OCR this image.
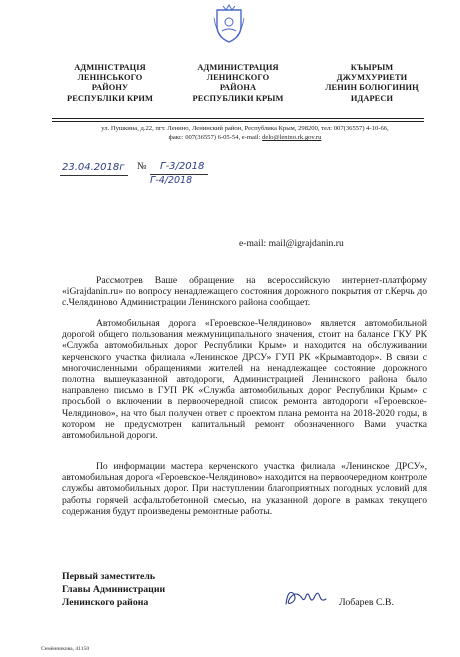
АДМІНІСТРАЦІЯ
ЛЕНІНСЬКОГО
РАЙОНУ
РЕСПУБЛІКИ КРИМ
АДМИНИСТРАЦИЯ
ЛЕНИНСКОГО
РАЙОНА
РЕСПУБЛИКИ КРЫМ
КЪЫРЫМ
ДЖУМХУРИЕТИ
ЛЕНИН БОЛЮГИНИҢ
ИДАРЕСИ
ул. Пушкина, д.22, пгт. Ленино, Ленинский район, Республика Крым, 298200, тел: 007(36557) 4-10-66,
факс: 007(36557) 6-05-54, e-mail: delo@lenino.rk.gov.ru
23.04.2018г № Г-3/2018
Г-4/2018
e-mail: mail@igrajdanin.ru
Рассмотрев Ваше обращение на всероссийскую интернет-платформу «iGrajdanin.ru» по вопросу ненадлежащего состояния дорожного покрытия от г.Керчь до с.Челядиново Администрации Ленинского района сообщает.
Автомобильная дорога «Героевское-Челядиново» является автомобильной дорогой общего пользования межмуниципального значения, стоит на балансе ГКУ РК «Служба автомобильных дорог Республики Крым» и находится на обслуживании керченского участка филиала «Ленинское ДРСУ» ГУП РК «Крымавтодор». В связи с многочисленными обращениями жителей на ненадлежащее состояние дорожного полотна вышеуказанной автодороги, Администрацией Ленинского района было направлено письмо в ГУП РК «Служба автомобильных дорог Республики Крым» с просьбой о включении в первоочередной список ремонта автодороги «Героевское-Челядиново», на что был получен ответ с проектом плана ремонта на 2018-2020 годы, в котором не предусмотрен капитальный ремонт обозначенного Вами участка автомобильной дороги.
По информации мастера керченского участка филиала «Ленинское ДРСУ», автомобильная дорога «Героевское-Челядиново» находится на первоочередном контроле службы автомобильных дорог. При наступлении благоприятных погодных условий для работы горячей асфальтобетонной смесью, на указанной дороге в рамках текущего содержания будут произведены ремонтные работы.
Первый заместитель
Главы Администрации
Ленинского района	Лобарев С.В.
Семённикова, 41150
